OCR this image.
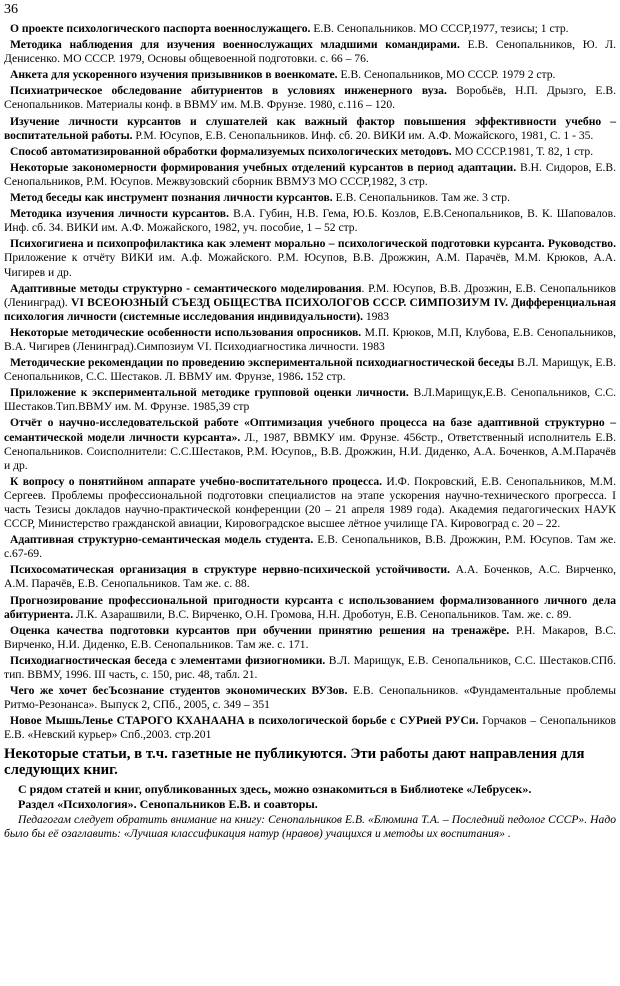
36

О проекте психологического паспорта военнослужащего. Е.В. Сенопальников. МО СССР,1977, тезисы; 1 стр.

Методика наблюдения для изучения военнослужащих младшими командирами. Е.В. Сенопальников, Ю. Л. Денисенко. МО СССР. 1979, Основы общевоенной подготовки. с. 66 – 76.

Анкета для ускоренного изучения призывников в военкомате. Е.В. Сенопальников, МО СССР. 1979 2 стр.

Психиатрическое обследование абитуриентов в условиях инженерного вуза. Воробьёв, Н.П. Дрызго, Е.В. Сенопальников. Материалы конф. в ВВМУ им. М.В. Фрунзе. 1980, с.116 – 120.

Изучение личности курсантов и слушателей как важный фактор повышения эффективности учебно – воспитательной работы. Р.М. Юсупов, Е.В. Сенопальников. Инф. сб. 20. ВИКИ им. А.Ф. Можайского, 1981, С. 1 - 35.

Способ автоматизированной обработки формализуемых психологических методовъ. МО СССР.1981, Т. 82, 1 стр.

Некоторые закономерности формирования учебных отделений курсантов в период адаптации. В.Н. Сидоров, Е.В. Сенопальников, Р.М. Юсупов. Межвузовский сборник ВВМУЗ МО СССР,1982, 3 стр.

Метод беседы как инструмент познания личности курсантов. Е.В. Сенопальников. Там же. 3 стр.

Методика изучения личности курсантов. В.А. Губин, Н.В. Гема, Ю.Б. Козлов, Е.В.Сенопальников, В. К. Шаповалов. Инф. сб. 34. ВИКИ им. А.Ф. Можайского, 1982, уч. пособие, 1 – 52 стр.

Психогигиена и психопрофилактика как элемент морально – психологической подготовки курсанта. Руководство. Приложение к отчёту ВИКИ им. А.ф. Можайского. Р.М. Юсупов, В.В. Дрожжин, А.М. Парачёв, М.М. Крюков, А.А. Чигирев и др.

Адаптивные методы структурно - семантического моделирования. Р.М. Юсупов, В.В. Дрозжин, Е.В. Сенопальников (Ленинград). VI ВСЕОЮЗНЫЙ СЪЕЗД ОБЩЕСТВА ПСИХОЛОГОВ СССР. СИМПОЗИУМ IV. Дифференциальная психология личности (системные исследования индивидуальности). 1983

Некоторые методические особенности использования опросников. М.П. Крюков, М.П, Клубова, Е.В. Сенопальников, В.А. Чигирев (Ленинград).Симпозиум VI. Психодиагностика личности. 1983

Методические рекомендации по проведению экспериментальной психодиагностической беседы В.Л. Марищук, Е.В. Сенопальников, С.С. Шестаков. Л. ВВМУ им. Фрунзе, 1986. 152 стр.

Приложение к экспериментальной методике групповой оценки личности. В.Л.Марищук,Е.В. Сенопальников, С.С. Шестаков.Тип.ВВМУ им. М. Фрунзе. 1985,39 стр

Отчёт о научно-исследовательской работе «Оптимизация учебного процесса на базе адаптивной структурно – семантической модели личности курсанта». Л., 1987, ВВМКУ им. Фрунзе. 456стр., Ответственный исполнитель Е.В. Сенопальников. Соисполнители: С.С.Шестаков, Р.М. Юсупов,, В.В. Дрожжин, Н.И. Диденко, А.А. Боченков, А.М.Парачёв и др.

К вопросу о понятийном аппарате учебно-воспитательного процесса. И.Ф. Покровский, Е.В. Сенопальников, М.М. Сергеев. Проблемы профессиональной подготовки специалистов на этапе ускорения научно-технического прогресса. I часть Тезисы докладов научно-практической конференции (20 – 21 апреля 1989 года). Академия педагогических НАУК СССР, Министерство гражданской авиации, Кировоградское высшее лётное училище ГА. Кировоград с. 20 – 22.

Адаптивная структурно-семантическая модель студента. Е.В. Сенопальников, В.В. Дрожжин, Р.М. Юсупов. Там же. с.67-69.

Психосоматическая организация в структуре нервно-психической устойчивости. А.А. Боченков, А.С. Вирченко, А.М. Парачёв, Е.В. Сенопальников. Там же. с. 88.

Прогнозирование профессиональной пригодности курсанта с использованием формализованного личного дела абитуриента. Л.К. Азарашвили, В.С. Вирченко, О.Н. Громова, Н.Н. Дроботун, Е.В. Сенопальников. Там. же. с. 89.

Оценка качества подготовки курсантов при обучении принятию решения на тренажёре. Р.Н. Макаров, В.С. Вирченко, Н.И. Диденко, Е.В. Сенопальников. Там же. с. 171.

Психодиагностическая беседа с элементами физиогномики. В.Л. Марищук, Е.В. Сенопальников, С.С. Шестаков.СПб. тип. ВВМУ, 1996. III часть, с. 150, рис. 48, табл. 21.

Чего же хочет бесЪсознание студентов экономических ВУЗов. Е.В. Сенопальников. «Фундаментальные проблемы Ритмо-Резонанса». Выпуск 2, СПб., 2005, с. 349 – 351

Новое МышьЛенье СТАРОГО КХАНААНА в психологической борьбе с СУРией РУСи. Горчаков – Сенопальников Е.В. «Невский курьер» Спб.,2003. стр.201

Некоторые статьи, в т.ч. газетные не публикуются. Эти работы дают направления для следующих книг.

С рядом статей и книг, опубликованных здесь, можно ознакомиться в Библиотеке «Лебрусек».

Раздел «Психология». Сенопальников Е.В. и соавторы.

Педагогам следует обратить внимание на книгу: Сенопальников Е.В. «Блюмина Т.А. – Последний педолог СССР». Надо было бы её озаглавить: «Лучшая классификация натур (нравов) учащихся и методы их воспитания» .
